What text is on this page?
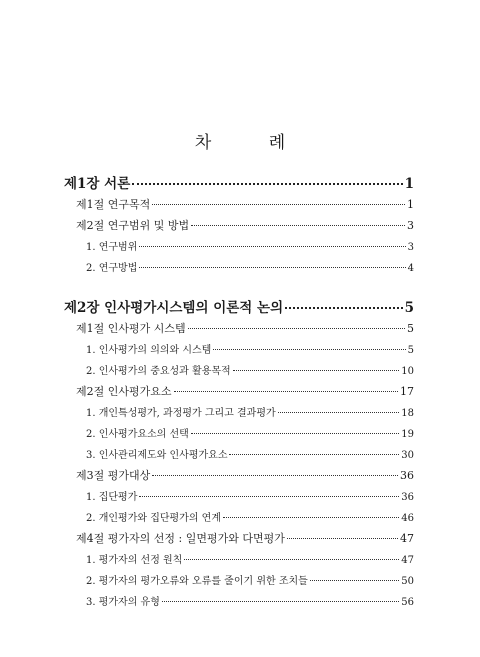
차 례
제1장 서론	1
제1절 연구목적	1
제2절 연구범위 및 방법	3
1. 연구범위	3
2. 연구방법	4
제2장 인사평가시스템의 이론적 논의	5
제1절 인사평가 시스템	5
1. 인사평가의 의의와 시스템	5
2. 인사평가의 중요성과 활용목적	10
제2절 인사평가요소	17
1. 개인특성평가, 과정평가 그리고 결과평가	18
2. 인사평가요소의 선택	19
3. 인사관리제도와 인사평가요소	30
제3절 평가대상	36
1. 집단평가	36
2. 개인평가와 집단평가의 연계	46
제4절 평가자의 선정 : 일면평가와 다면평가	47
1. 평가자의 선정 원칙	47
2. 평가자의 평가오류와 오류를 줄이기 위한 조치들	50
3. 평가자의 유형	56
